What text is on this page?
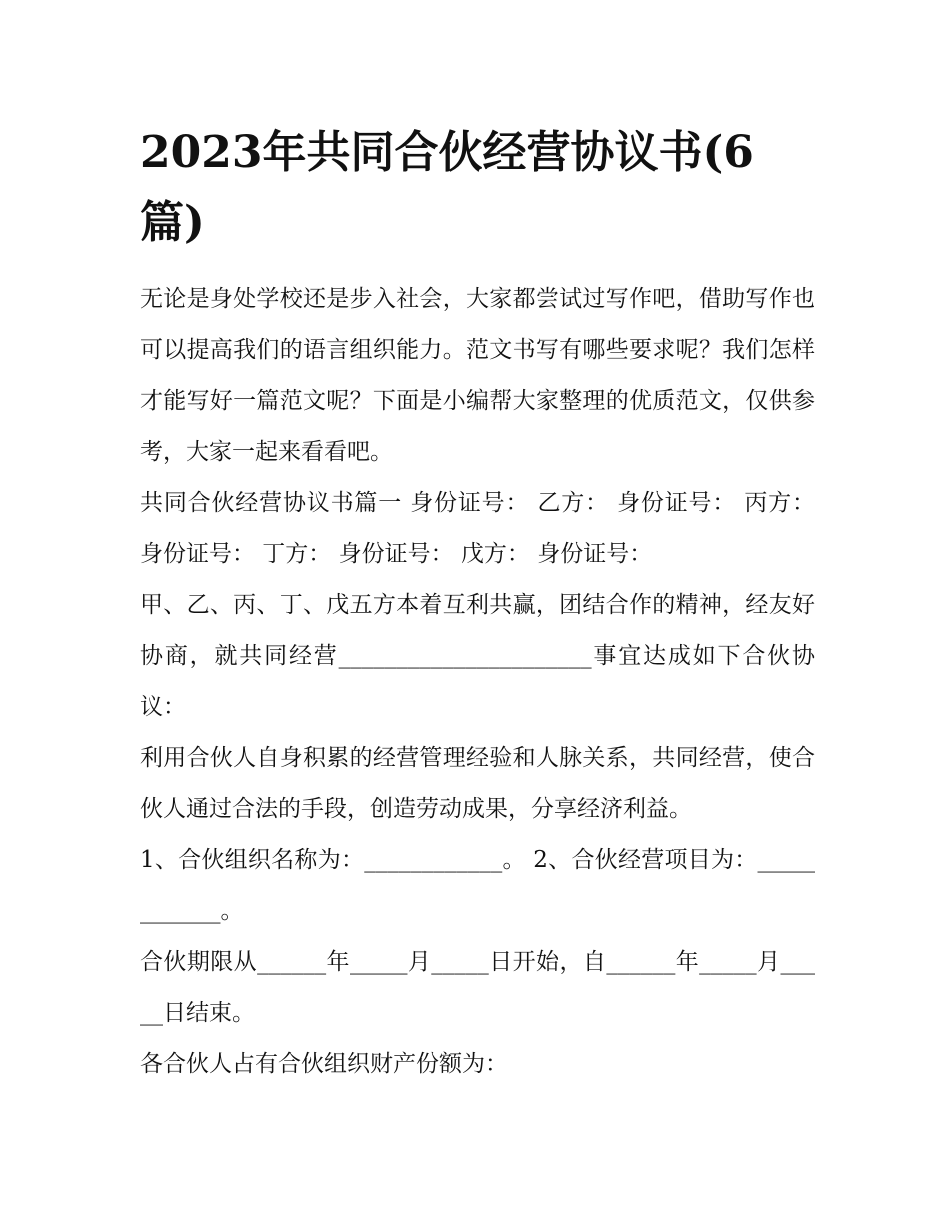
2023年共同合伙经营协议书(6篇)

无论是身处学校还是步入社会，大家都尝试过写作吧，借助写作也可以提高我们的语言组织能力。范文书写有哪些要求呢？我们怎样才能写好一篇范文呢？下面是小编帮大家整理的优质范文，仅供参考，大家一起来看看吧。

共同合伙经营协议书篇一 身份证号： 乙方： 身份证号： 丙方： 身份证号： 丁方： 身份证号： 戊方： 身份证号：

甲、乙、丙、丁、戊五方本着互利共赢，团结合作的精神，经友好协商，就共同经营______________________事宜达成如下合伙协议：

利用合伙人自身积累的经营管理经验和人脉关系，共同经营，使合伙人通过合法的手段，创造劳动成果，分享经济利益。

1、合伙组织名称为：____________。 2、合伙经营项目为：____________。

合伙期限从______年_____月_____日开始，自______年_____月_____日结束。

各合伙人占有合伙组织财产份额为：
